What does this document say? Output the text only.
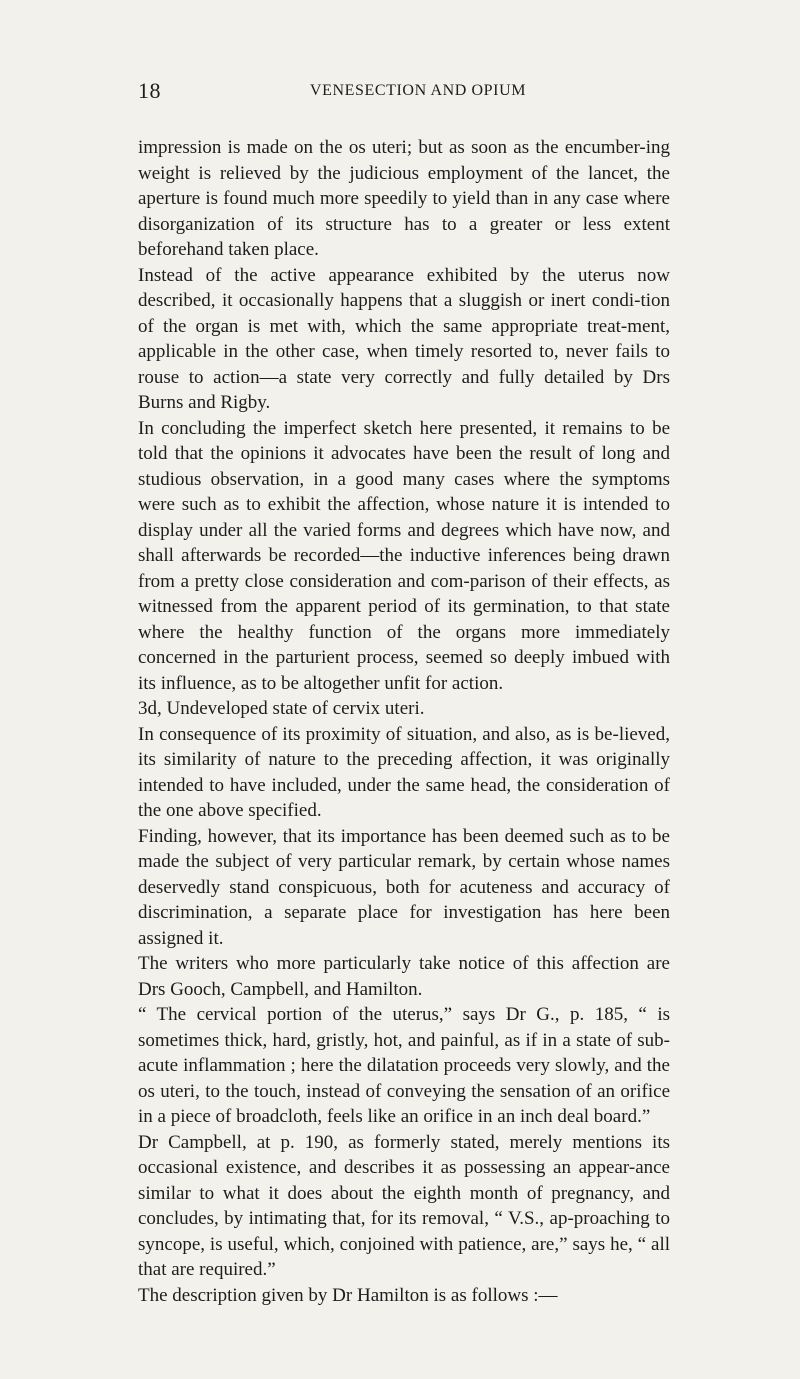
18	VENESECTION AND OPIUM

impression is made on the os uteri; but as soon as the encumber-ing weight is relieved by the judicious employment of the lancet, the aperture is found much more speedily to yield than in any case where disorganization of its structure has to a greater or less extent beforehand taken place.

Instead of the active appearance exhibited by the uterus now described, it occasionally happens that a sluggish or inert condi-tion of the organ is met with, which the same appropriate treat-ment, applicable in the other case, when timely resorted to, never fails to rouse to action—a state very correctly and fully detailed by Drs Burns and Rigby.

In concluding the imperfect sketch here presented, it remains to be told that the opinions it advocates have been the result of long and studious observation, in a good many cases where the symptoms were such as to exhibit the affection, whose nature it is intended to display under all the varied forms and degrees which have now, and shall afterwards be recorded—the inductive inferences being drawn from a pretty close consideration and com-parison of their effects, as witnessed from the apparent period of its germination, to that state where the healthy function of the organs more immediately concerned in the parturient process, seemed so deeply imbued with its influence, as to be altogether unfit for action.

3d, Undeveloped state of cervix uteri.

In consequence of its proximity of situation, and also, as is be-lieved, its similarity of nature to the preceding affection, it was originally intended to have included, under the same head, the consideration of the one above specified.

Finding, however, that its importance has been deemed such as to be made the subject of very particular remark, by certain whose names deservedly stand conspicuous, both for acuteness and accuracy of discrimination, a separate place for investigation has here been assigned it.

The writers who more particularly take notice of this affection are Drs Gooch, Campbell, and Hamilton.

“ The cervical portion of the uterus,” says Dr G., p. 185, “ is sometimes thick, hard, gristly, hot, and painful, as if in a state of sub-acute inflammation ; here the dilatation proceeds very slowly, and the os uteri, to the touch, instead of conveying the sensation of an orifice in a piece of broadcloth, feels like an orifice in an inch deal board.”

Dr Campbell, at p. 190, as formerly stated, merely mentions its occasional existence, and describes it as possessing an appear-ance similar to what it does about the eighth month of pregnancy, and concludes, by intimating that, for its removal, “ V.S., ap-proaching to syncope, is useful, which, conjoined with patience, are,” says he, “ all that are required.”

The description given by Dr Hamilton is as follows :—
